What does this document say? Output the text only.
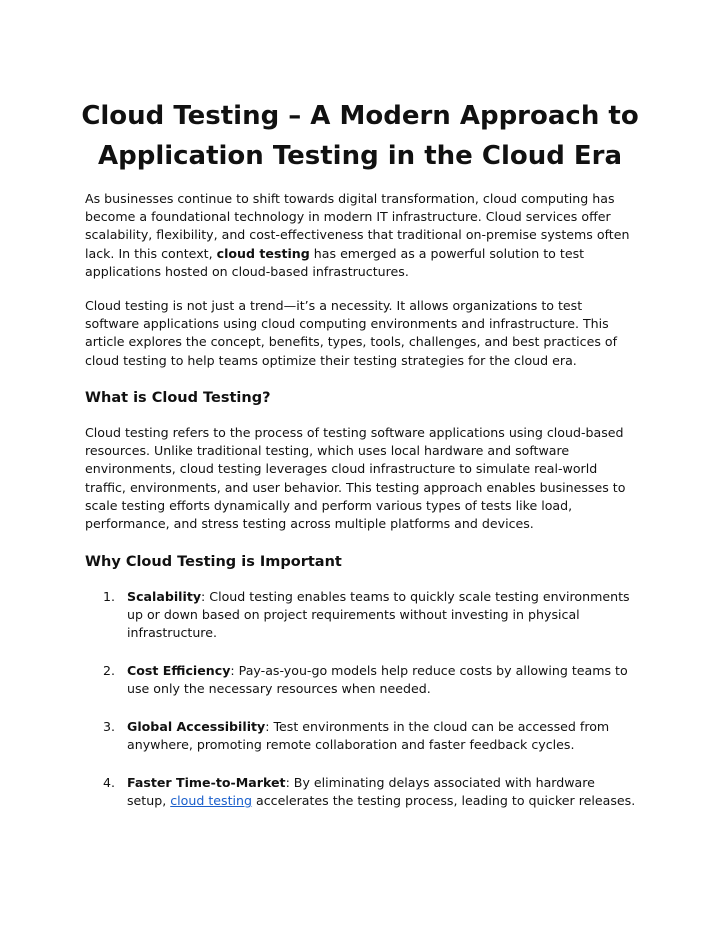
Cloud Testing – A Modern Approach to
Application Testing in the Cloud Era

As businesses continue to shift towards digital transformation, cloud computing has become a foundational technology in modern IT infrastructure. Cloud services offer scalability, flexibility, and cost-effectiveness that traditional on-premise systems often lack. In this context, cloud testing has emerged as a powerful solution to test applications hosted on cloud-based infrastructures.

Cloud testing is not just a trend—it’s a necessity. It allows organizations to test software applications using cloud computing environments and infrastructure. This article explores the concept, benefits, types, tools, challenges, and best practices of cloud testing to help teams optimize their testing strategies for the cloud era.

What is Cloud Testing?

Cloud testing refers to the process of testing software applications using cloud-based resources. Unlike traditional testing, which uses local hardware and software environments, cloud testing leverages cloud infrastructure to simulate real-world traffic, environments, and user behavior. This testing approach enables businesses to scale testing efforts dynamically and perform various types of tests like load, performance, and stress testing across multiple platforms and devices.

Why Cloud Testing is Important
1. Scalability: Cloud testing enables teams to quickly scale testing environments up or down based on project requirements without investing in physical infrastructure.
2. Cost Efficiency: Pay-as-you-go models help reduce costs by allowing teams to use only the necessary resources when needed.
3. Global Accessibility: Test environments in the cloud can be accessed from anywhere, promoting remote collaboration and faster feedback cycles.
4. Faster Time-to-Market: By eliminating delays associated with hardware setup, cloud testing accelerates the testing process, leading to quicker releases.
